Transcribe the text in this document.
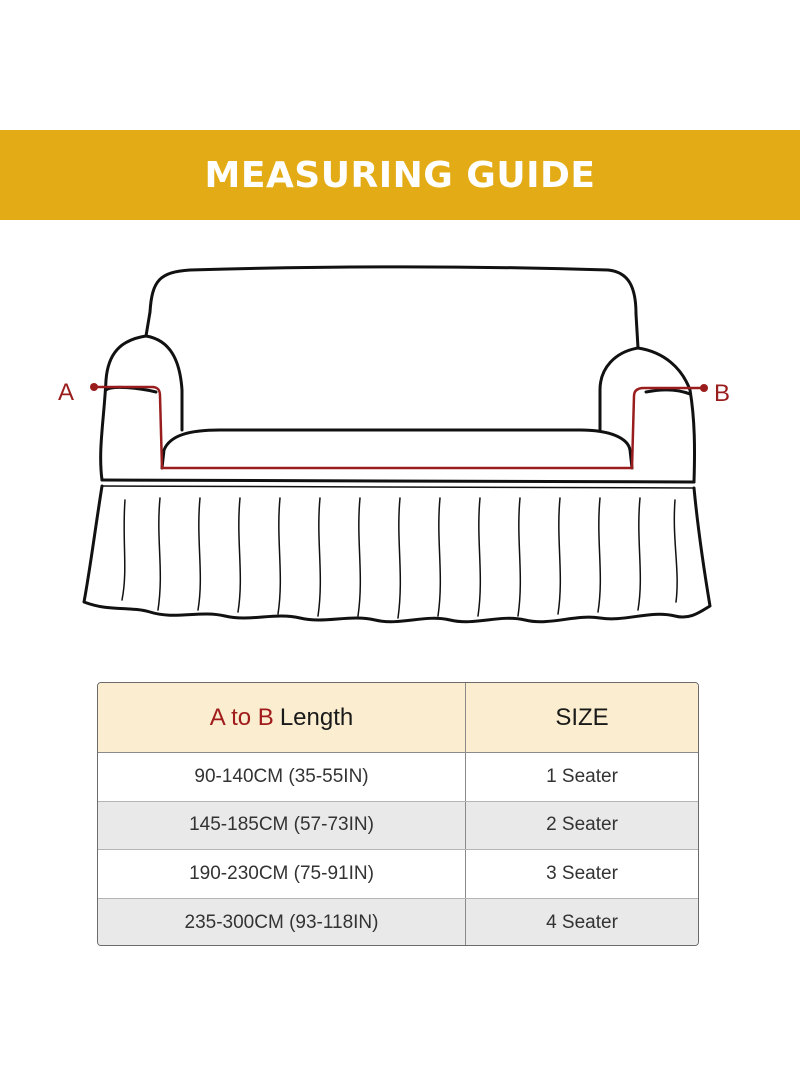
MEASURING GUIDE
A	B
A to B Length	SIZE
90-140CM (35-55IN)	1 Seater
145-185CM (57-73IN)	2 Seater
190-230CM (75-91IN)	3 Seater
235-300CM (93-118IN)	4 Seater
